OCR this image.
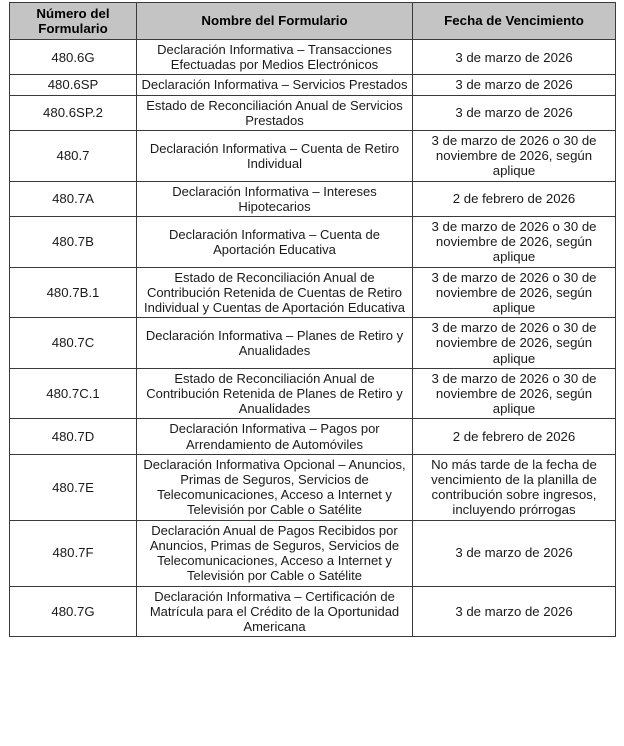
Número del Formulario	Nombre del Formulario	Fecha de Vencimiento
480.6G	Declaración Informativa – Transacciones Efectuadas por Medios Electrónicos	3 de marzo de 2026
480.6SP	Declaración Informativa – Servicios Prestados	3 de marzo de 2026
480.6SP.2	Estado de Reconciliación Anual de Servicios Prestados	3 de marzo de 2026
480.7	Declaración Informativa – Cuenta de Retiro Individual	3 de marzo de 2026 o 30 de noviembre de 2026, según aplique
480.7A	Declaración Informativa – Intereses Hipotecarios	2 de febrero de 2026
480.7B	Declaración Informativa – Cuenta de Aportación Educativa	3 de marzo de 2026 o 30 de noviembre de 2026, según aplique
480.7B.1	Estado de Reconciliación Anual de Contribución Retenida de Cuentas de Retiro Individual y Cuentas de Aportación Educativa	3 de marzo de 2026 o 30 de noviembre de 2026, según aplique
480.7C	Declaración Informativa – Planes de Retiro y Anualidades	3 de marzo de 2026 o 30 de noviembre de 2026, según aplique
480.7C.1	Estado de Reconciliación Anual de Contribución Retenida de Planes de Retiro y Anualidades	3 de marzo de 2026 o 30 de noviembre de 2026, según aplique
480.7D	Declaración Informativa – Pagos por Arrendamiento de Automóviles	2 de febrero de 2026
480.7E	Declaración Informativa Opcional – Anuncios, Primas de Seguros, Servicios de Telecomunicaciones, Acceso a Internet y Televisión por Cable o Satélite	No más tarde de la fecha de vencimiento de la planilla de contribución sobre ingresos, incluyendo prórrogas
480.7F	Declaración Anual de Pagos Recibidos por Anuncios, Primas de Seguros, Servicios de Telecomunicaciones, Acceso a Internet y Televisión por Cable o Satélite	3 de marzo de 2026
480.7G	Declaración Informativa – Certificación de Matrícula para el Crédito de la Oportunidad Americana	3 de marzo de 2026
